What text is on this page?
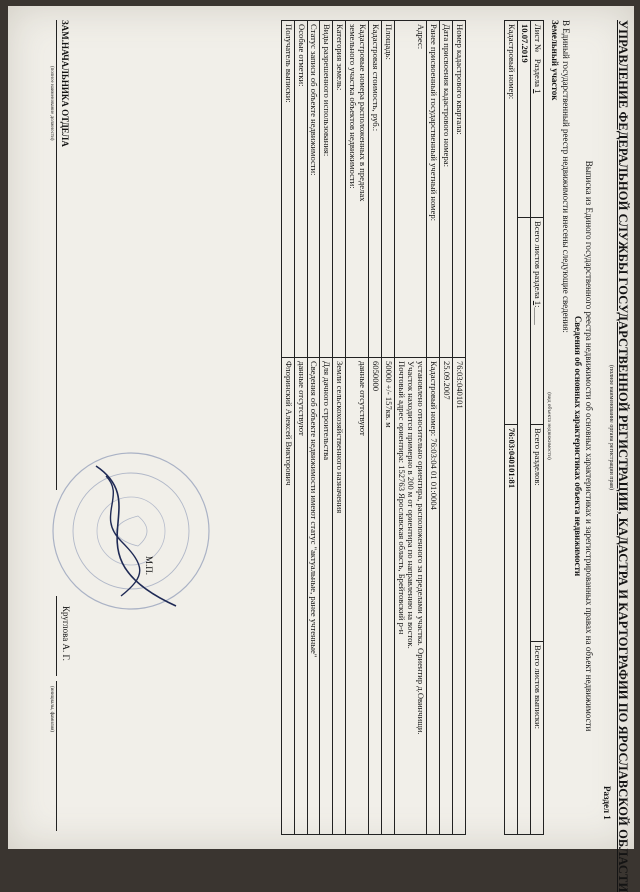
УПРАВЛЕНИЕ ФЕДЕРАЛЬНОЙ СЛУЖБЫ ГОСУДАРСТВЕННОЙ РЕГИСТРАЦИИ, КАДАСТРА И КАРТОГРАФИИ ПО ЯРОСЛАВСКОЙ ОБЛАСТИ
(полное наименование органа регистрации прав)
Раздел 1
Выписка из Единого государственного реестра недвижимости об основных характеристиках и зарегистрированных правах на объект недвижимости
Сведения об основных характеристиках объекта недвижимости
В Единый государственный реестр недвижимости внесены следующие сведения:
Земельный участок
(вид объекта недвижимости)
Лист №   Раздела 1	Всего листов раздела 1:____	Всего разделов:	Всего листов выписки:
10.07.2019			
Кадастровый номер:		76:03:040101:81	
Номер кадастрового квартала:	76:03:040101
Дата присвоения кадастрового номера:	25.09.2007
Ранее присвоенный государственный учетный номер:	Кадастровый номер: 76:03:04 01 01:0004
Адрес:	установлено относительно ориентира, расположенного за пределами участка. Ориентир д.Овинчищи.
Участок находится примерно в 200 м от ориентира по направлению на восток.
Почтовый адрес ориентира: 152763 Ярославская область, Брейтовский р-н

Площадь:	50000 +/- 157кв. м
Кадастровая стоимость, руб.:	6050000

Кадастровые номера расположенных в пределах
земельного участка объектов недвижимости:	данные отсутствуют
Категория земель:	Земли сельскохозяйственного назначения
Виды разрешенного использования:	Для дачного строительства
Статус записи об объекте недвижимости:	Сведения об объекте недвижимости имеют статус "актуальные, ранее учтенные"
Особые отметки:	данные отсутствуют
Получатель выписки:	Флоринский Алексей Викторович
М.П.
ЗАМ.НАЧАЛЬНИКА ОТДЕЛА
(полное наименование должности)
Круглова А. Г.
(инициалы, фамилия)
